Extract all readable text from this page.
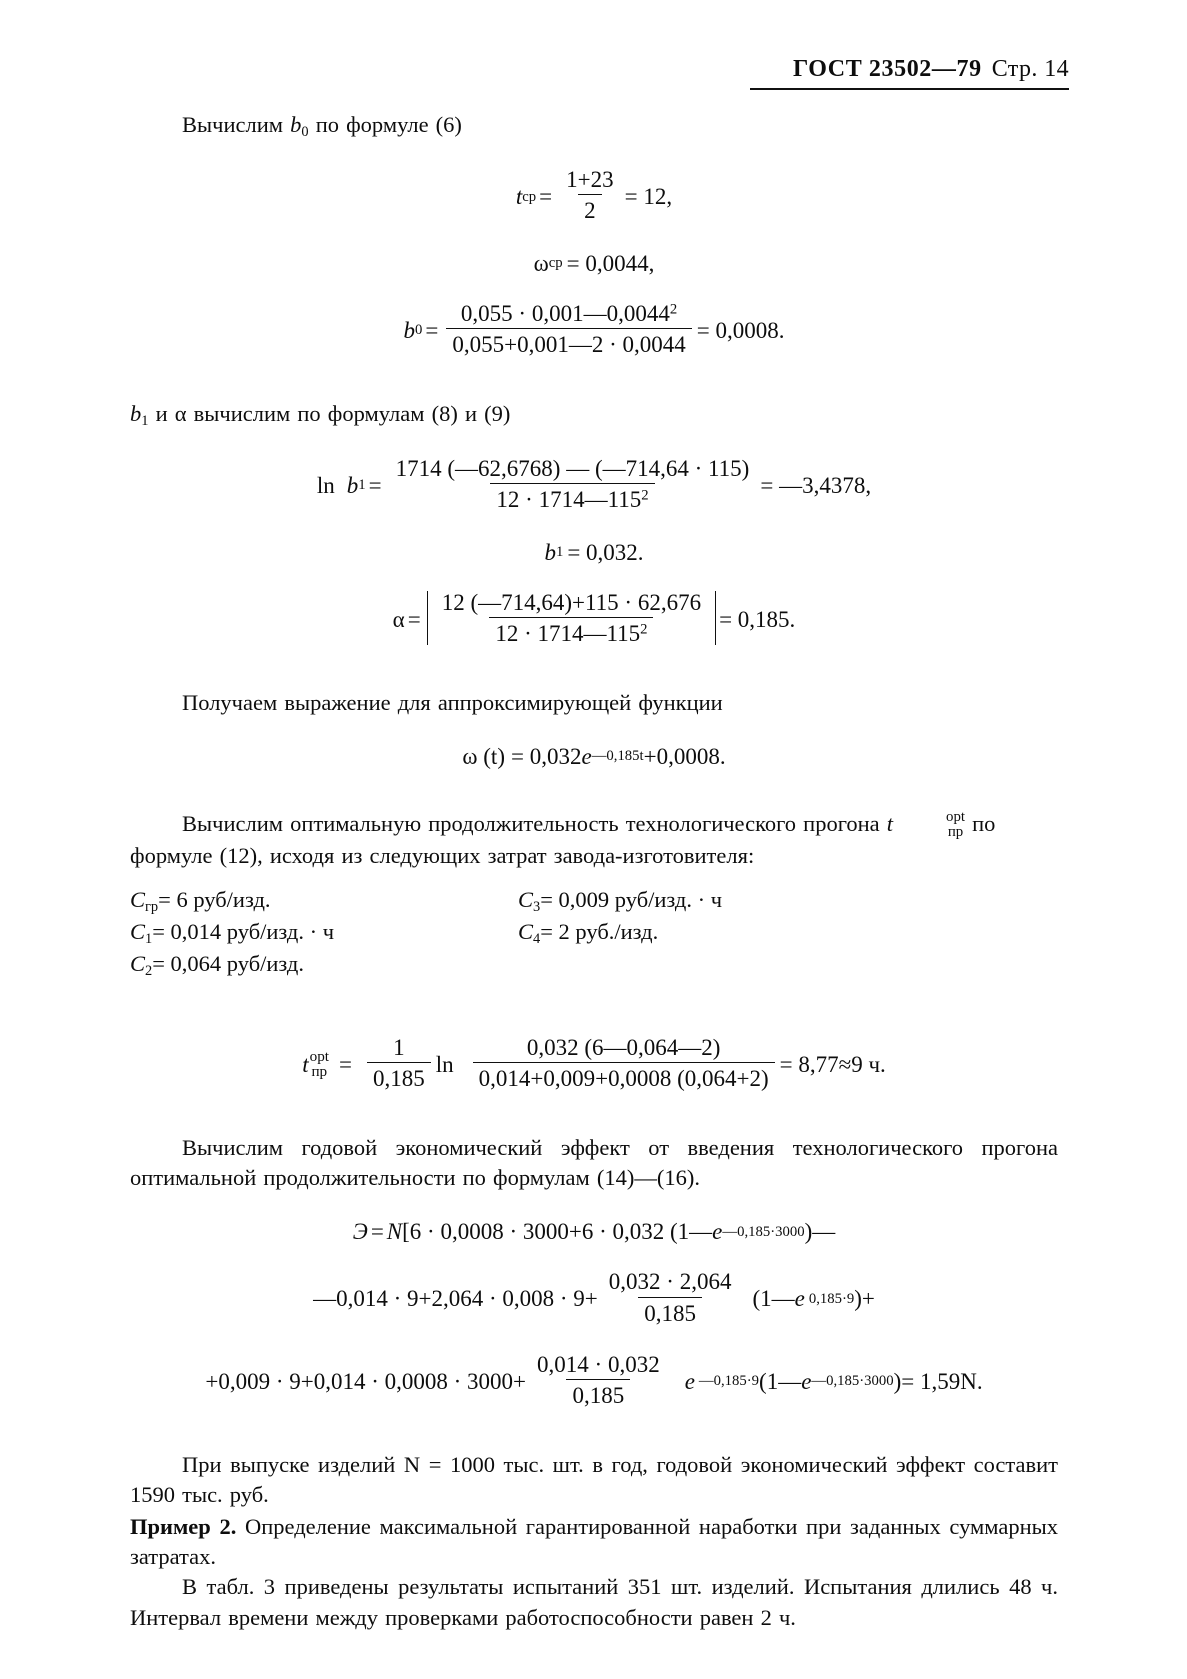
ГОСТ 23502—79 Стр. 14

Вычислим $b_0$ по формуле (6)

t ср = $\frac{1+23}{2} = 12$,
ω ср = 0,0044,
b $0 = \frac{0,055 \cdot 0,001—0,0044^2}{0,055+0,001—2 \cdot 0,0044} = 0,0008$.

$b_1$ и α вычислим по формулам (8) и (9)

ln b $1 = \frac{1714 (—62,6768) — (—714,64 \cdot 115)}{12 \cdot 1714—115^2}$ = —3,4378,
b 1 = 0,032.
$\alpha = \frac{12 (—714,64)+115 \cdot 62,676}{12 \cdot 1714—115^2} = 0,185$.

Получаем выражение для аппроксимирующей функции

ω (t) = 0,032 e —0,185t +0,0008.

Вычислим оптимальную продолжительность технологического прогона t	opt
пр по

формуле (12), исходя из следующих затрат завода-изготовителя:

$C_{гр}= 6$ руб/изд.
$C_1= 0,014$ руб/изд. · ч
$C_2= 0,064$ руб/изд.
$C_3= 0,009$ руб/изд. · ч
$C_4= 2$ руб./изд.
t opt
пр = $\frac{1}{0,185}$ $\ln \frac{0,032 (6—0,064—2)}{0,014+0,009+0,0008 (0,064+2)} = 8,77\approx 9$ ч.

Вычислим годовой экономический эффект от введения технологического прогона оптимальной продолжительности по формулам (14)—(16).

Э = N [6 · 0,0008 · 3000+6 · 0,032 (1— e —0,185·3000 )—
—0,014 · $9+2,064 \cdot 0,008 \cdot 9+ \frac{0,032 \cdot 2,064}{0,185}$ (1— e 0,185·9 )+
$+0,009 \cdot 9+0,014 \cdot 0,0008 \cdot 3000+ \frac{0,014 \cdot 0,032}{0,185}$ e —0,185·9 (1— e —0,185·3000 ) = 1,59N.

При выпуске изделий N = 1000 тыс. шт. в год, годовой экономический эффект составит 1590 тыс. руб.

Пример 2. Определение максимальной гарантированной наработки при заданных суммарных затратах.

В табл. 3 приведены результаты испытаний 351 шт. изделий. Испытания длились 48 ч. Интервал времени между проверками работоспособности равен 2 ч.
